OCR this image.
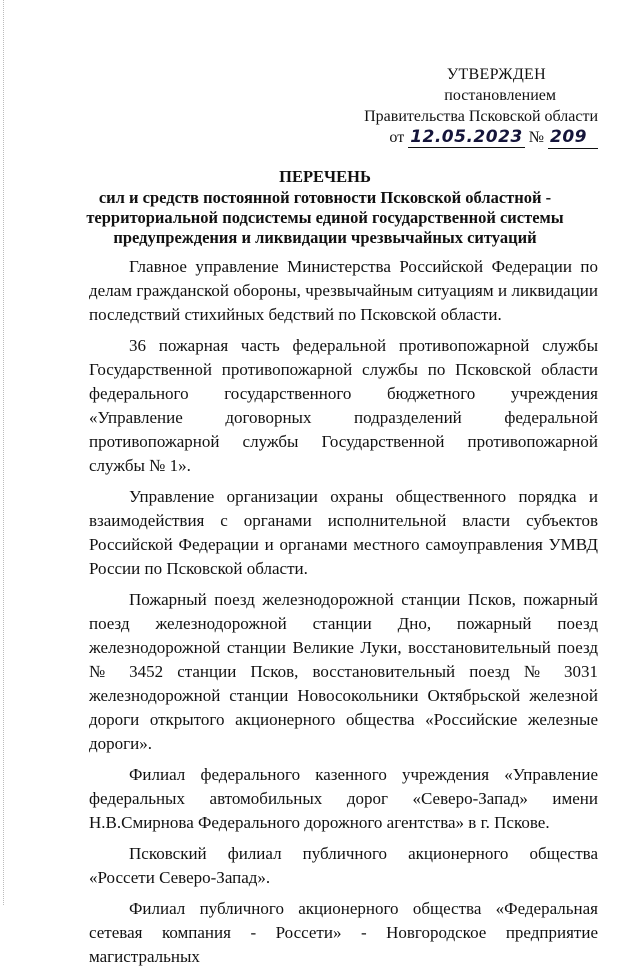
УТВЕРЖДЕН
постановлением
Правительства Псковской области
от 12.05.2023 № 209
ПЕРЕЧЕНЬ
сил и средств постоянной готовности Псковской областной - территориальной подсистемы единой государственной системы предупреждения и ликвидации чрезвычайных ситуаций

Главное управление Министерства Российской Федерации по делам гражданской обороны, чрезвычайным ситуациям и ликвидации последствий стихийных бедствий по Псковской области.

36 пожарная часть федеральной противопожарной службы Государственной противопожарной службы по Псковской области федерального государственного бюджетного учреждения «Управление договорных подразделений федеральной противопожарной службы Государственной противопожарной службы № 1».

Управление организации охраны общественного порядка и взаимодействия с органами исполнительной власти субъектов Российской Федерации и органами местного самоуправления УМВД России по Псковской области.

Пожарный поезд железнодорожной станции Псков, пожарный поезд железнодорожной станции Дно, пожарный поезд железнодорожной станции Великие Луки, восстановительный поезд № 3452 станции Псков, восстановительный поезд № 3031 железнодорожной станции Новосокольники Октябрьской железной дороги открытого акционерного общества «Российские железные дороги».

Филиал федерального казенного учреждения «Управление федеральных автомобильных дорог «Северо-Запад» имени Н.В.Смирнова Федерального дорожного агентства» в г. Пскове.

Псковский филиал публичного акционерного общества «Россети Северо-Запад».

Филиал публичного акционерного общества «Федеральная сетевая компания - Россети» - Новгородское предприятие магистральных
